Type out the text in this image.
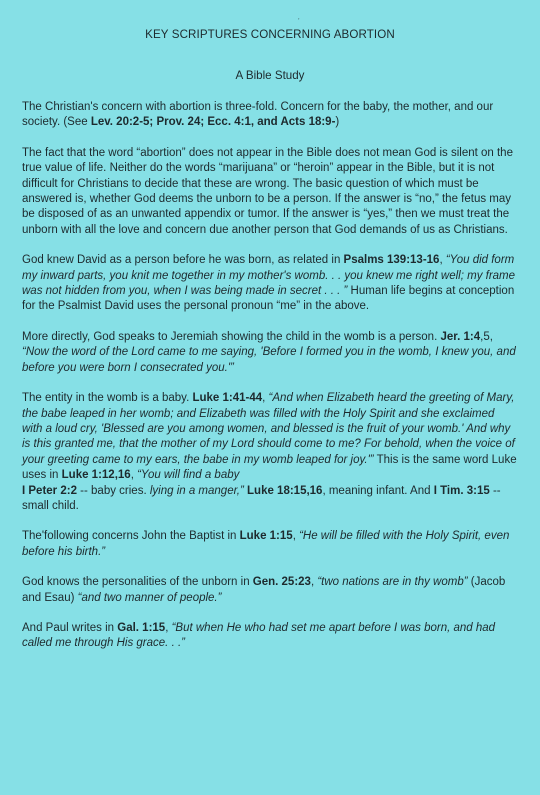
’
KEY SCRIPTURES CONCERNING ABORTION
A Bible Study

The Christian's concern with abortion is three-fold. Concern for the baby, the mother, and our society. (See Lev. 20:2-5; Prov. 24; Ecc. 4:1, and Acts 18:9-)

The fact that the word “abortion” does not appear in the Bible does not mean God is silent on the true value of life. Neither do the words “marijuana” or “heroin” appear in the Bible, but it is not difficult for Christians to decide that these are wrong. The basic question of which must be answered is, whether God deems the unborn to be a person. If the answer is “no,” the fetus may be disposed of as an unwanted appendix or tumor. If the answer is “yes,” then we must treat the unborn with all the love and concern due another person that God demands of us as Christians.

God knew David as a person before he was born, as related in Psalms 139:13-16, “You did form my inward parts, you knit me together in my mother's womb. . . you knew me right well; my frame was not hidden from you, when I was being made in secret . . . ” Human life begins at conception for the Psalmist David uses the personal pronoun “me” in the above.

More directly, God speaks to Jeremiah showing the child in the womb is a person. Jer. 1:4,5, “Now the word of the Lord came to me saying, 'Before I formed you in the womb, I knew you, and before you were born I consecrated you.'”

The entity in the womb is a baby. Luke 1:41-44, “And when Elizabeth heard the greeting of Mary, the babe leaped in her womb; and Elizabeth was filled with the Holy Spirit and she exclaimed with a loud cry, 'Blessed are you among women, and blessed is the fruit of your womb.' And why is this granted me, that the mother of my Lord should come to me? For behold, when the voice of your greeting came to my ears, the babe in my womb leaped for joy.'” This is the same word Luke uses in Luke 1:12,16, “You will find a baby
I Peter 2:2 -- baby cries. lying in a manger,” Luke 18:15,16, meaning infant. And I Tim. 3:15 -- small child.

The'following concerns John the Baptist in Luke 1:15, “He will be filled with the Holy Spirit, even before his birth.”

God knows the personalities of the unborn in Gen. 25:23, “two nations are in thy womb” (Jacob and Esau) “and two manner of people.”

And Paul writes in Gal. 1:15, “But when He who had set me apart before I was born, and had called me through His grace. . .”
